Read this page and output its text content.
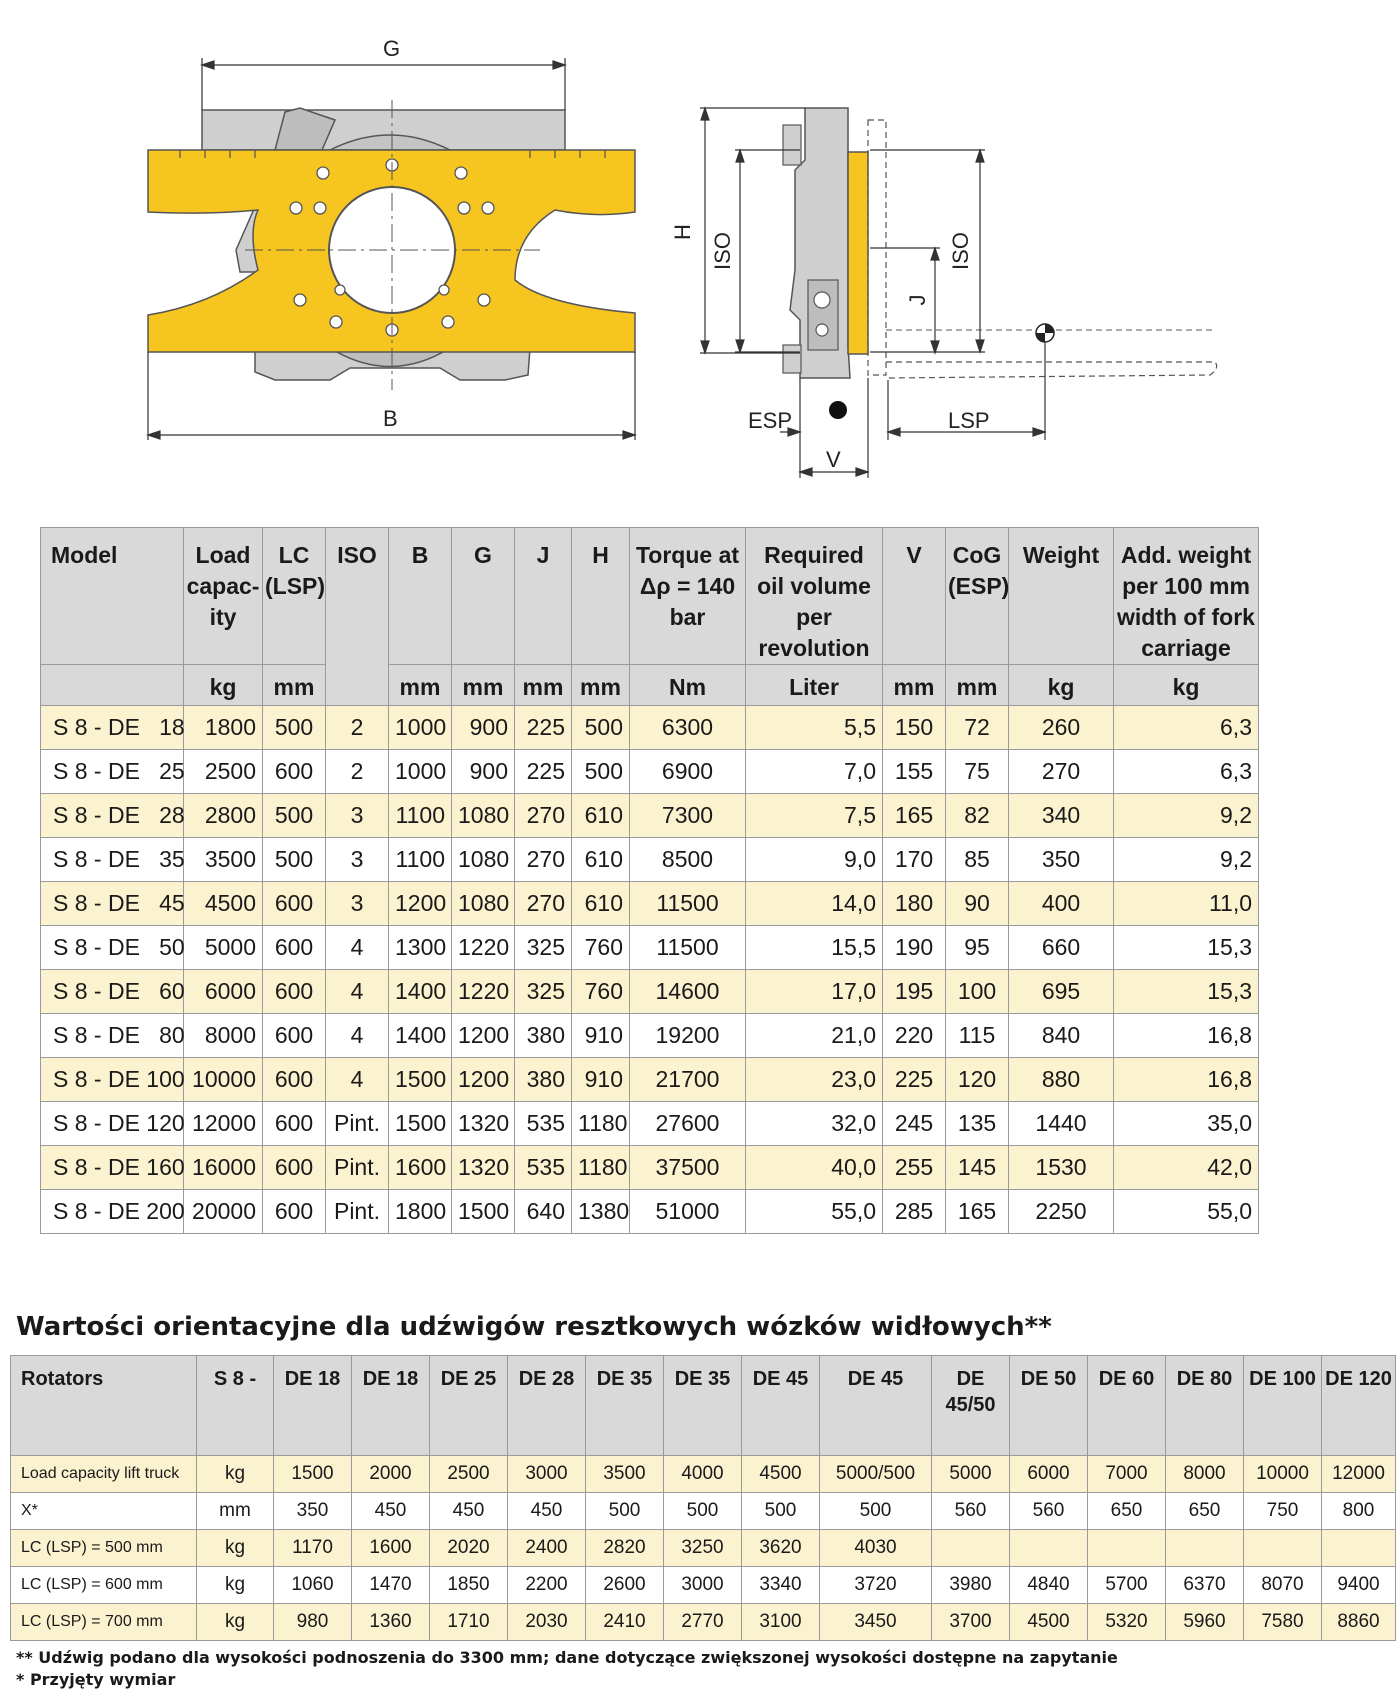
G
B
H
ISO
J
ISO
ESP	LSP
V
Model	Load capac-ity	LC (LSP)	ISO	B	G	J	H	Torque at Δρ = 140 bar	Required oil volume per revolution	V	CoG (ESP)	Weight	Add. weight per 100 mm width of fork carriage
	kg	mm		mm	mm	mm	mm	Nm	Liter	mm	mm	kg	kg
S 8 - DE   18	1800	500	2	1000	900	225	500	6300	5,5	150	72	260	6,3
S 8 - DE   25	2500	600	2	1000	900	225	500	6900	7,0	155	75	270	6,3
S 8 - DE   28	2800	500	3	1100	1080	270	610	7300	7,5	165	82	340	9,2
S 8 - DE   35	3500	500	3	1100	1080	270	610	8500	9,0	170	85	350	9,2
S 8 - DE   45	4500	600	3	1200	1080	270	610	11500	14,0	180	90	400	11,0
S 8 - DE   50	5000	600	4	1300	1220	325	760	11500	15,5	190	95	660	15,3
S 8 - DE   60	6000	600	4	1400	1220	325	760	14600	17,0	195	100	695	15,3
S 8 - DE   80	8000	600	4	1400	1200	380	910	19200	21,0	220	115	840	16,8
S 8 - DE 100	10000	600	4	1500	1200	380	910	21700	23,0	225	120	880	16,8
S 8 - DE 120	12000	600	Pint.	1500	1320	535	1180	27600	32,0	245	135	1440	35,0
S 8 - DE 160	16000	600	Pint.	1600	1320	535	1180	37500	40,0	255	145	1530	42,0
S 8 - DE 200	20000	600	Pint.	1800	1500	640	1380	51000	55,0	285	165	2250	55,0
Wartości orientacyjne dla udźwigów resztkowych wózków widłowych**
Rotators	S 8 -	DE 18	DE 18	DE 25	DE 28	DE 35	DE 35	DE 45	DE 45	DE 45/50	DE 50	DE 60	DE 80	DE 100	DE 120
Load capacity lift truck	kg	1500	2000	2500	3000	3500	4000	4500	5000/500	5000	6000	7000	8000	10000	12000
X*	mm	350	450	450	450	500	500	500	500	560	560	650	650	750	800
LC (LSP) = 500 mm	kg	1170	1600	2020	2400	2820	3250	3620	4030						
LC (LSP) = 600 mm	kg	1060	1470	1850	2200	2600	3000	3340	3720	3980	4840	5700	6370	8070	9400
LC (LSP) = 700 mm	kg	980	1360	1710	2030	2410	2770	3100	3450	3700	4500	5320	5960	7580	8860

** Udźwig podano dla wysokości podnoszenia do 3300 mm; dane dotyczące zwiększonej wysokości dostępne na zapytanie

* Przyjęty wymiar
